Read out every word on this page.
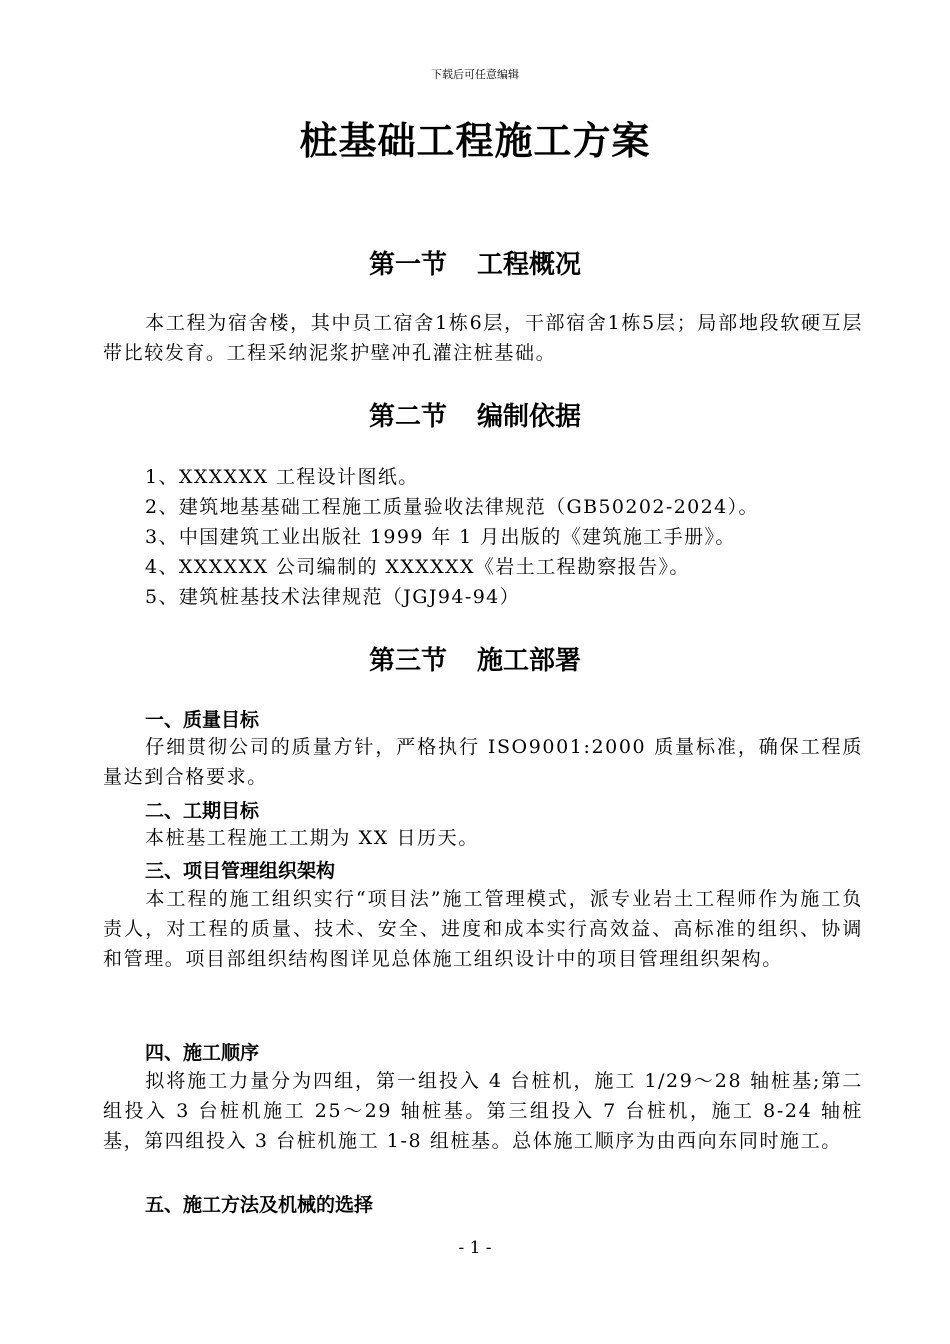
下载后可任意编辑
桩基础工程施工方案
第一节 工程概况
本工程为宿舍楼，其中员工宿舍1栋6层，干部宿舍1栋5层；局部地段软硬互层带比较发育。工程采纳泥浆护壁冲孔灌注桩基础。
第二节 编制依据
1、XXXXXX 工程设计图纸。
2、建筑地基基础工程施工质量验收法律规范（GB50202-2024）。
3、中国建筑工业出版社 1999 年 1 月出版的《建筑施工手册》。
4、XXXXXX 公司编制的 XXXXXX《岩土工程勘察报告》。
5、建筑桩基技术法律规范（JGJ94-94）
第三节 施工部署
一、质量目标
仔细贯彻公司的质量方针，严格执行 ISO9001:2000 质量标准，确保工程质量达到合格要求。
二、工期目标
本桩基工程施工工期为 XX 日历天。
三、项目管理组织架构
本工程的施工组织实行“项目法”施工管理模式，派专业岩土工程师作为施工负责人，对工程的质量、技术、安全、进度和成本实行高效益、高标准的组织、协调和管理。项目部组织结构图详见总体施工组织设计中的项目管理组织架构。
四、施工顺序
拟将施工力量分为四组，第一组投入 4 台桩机，施工 1/29～28 轴桩基;第二组投入 3 台桩机施工 25～29 轴桩基。第三组投入 7 台桩机，施工 8-24 轴桩基，第四组投入 3 台桩机施工 1-8 组桩基。总体施工顺序为由西向东同时施工。
五、施工方法及机械的选择
- 1 -
